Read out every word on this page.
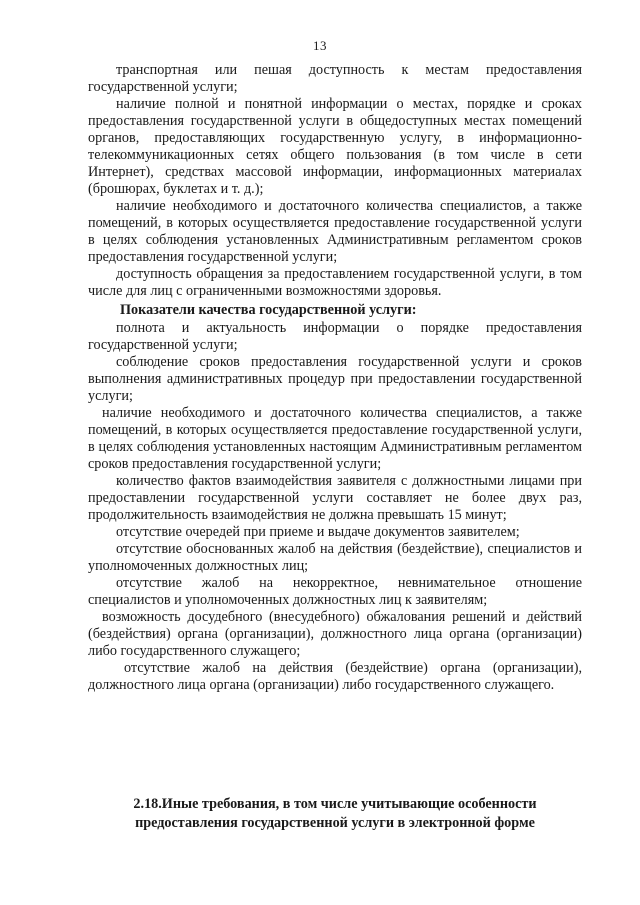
13

транспортная или пешая доступность к местам предоставления государственной услуги;

наличие полной и понятной информации о местах, порядке и сроках предоставления государственной услуги в общедоступных местах помещений органов, предоставляющих государственную услугу, в информационно-телекоммуникационных сетях общего пользования (в том числе в сети Интернет), средствах массовой информации, информационных материалах (брошюрах, буклетах и т. д.);

наличие необходимого и достаточного количества специалистов, а также помещений, в которых осуществляется предоставление государственной услуги в целях соблюдения установленных Административным регламентом сроков предоставления государственной услуги;

доступность обращения за предоставлением государственной услуги, в том числе для лиц с ограниченными возможностями здоровья.

Показатели качества государственной услуги:

полнота и актуальность информации о порядке предоставления государственной услуги;

соблюдение сроков предоставления государственной услуги и сроков выполнения административных процедур при предоставлении государственной услуги;

наличие необходимого и достаточного количества специалистов, а также помещений, в которых осуществляется предоставление государственной услуги, в целях соблюдения установленных настоящим Административным регламентом сроков предоставления государственной услуги;

количество фактов взаимодействия заявителя с должностными лицами при предоставлении государственной услуги составляет не более двух раз, продолжительность взаимодействия не должна превышать 15 минут;

отсутствие очередей при приеме и выдаче документов заявителем;

отсутствие обоснованных жалоб на действия (бездействие), специалистов и уполномоченных должностных лиц;

отсутствие жалоб на некорректное, невнимательное отношение специалистов и уполномоченных должностных лиц к заявителям;

возможность досудебного (внесудебного) обжалования решений и действий (бездействия) органа (организации), должностного лица органа (организации) либо государственного служащего;

отсутствие жалоб на действия (бездействие) органа (организации), должностного лица органа (организации) либо государственного служащего.

2.18.Иные требования, в том числе учитывающие особенности
предоставления государственной услуги в электронной форме
